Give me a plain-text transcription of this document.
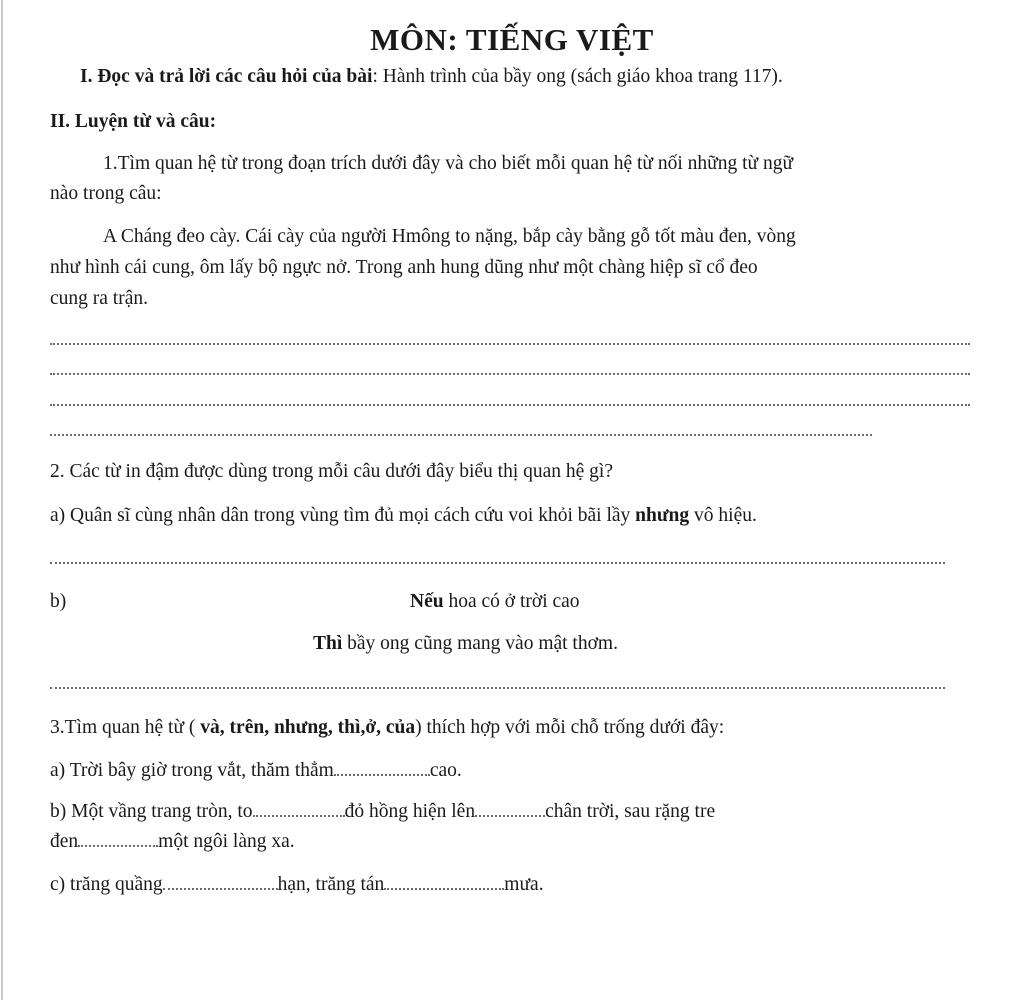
MÔN: TIẾNG VIỆT
I. Đọc và trả lời các câu hỏi của bài: Hành trình của bầy ong (sách giáo khoa trang 117).
II. Luyện từ và câu:
1.Tìm quan hệ từ trong đoạn trích dưới đây và cho biết mỗi quan hệ từ nối những từ ngữ
nào trong câu:
A Cháng đeo cày. Cái cày của người Hmông to nặng, bắp cày bằng gỗ tốt màu đen, vòng
như hình cái cung, ôm lấy bộ ngực nở. Trong anh hung dũng như một chàng hiệp sĩ cổ đeo
cung ra trận.
2. Các từ in đậm được dùng trong mỗi câu dưới đây biểu thị quan hệ gì?
a) Quân sĩ cùng nhân dân trong vùng tìm đủ mọi cách cứu voi khỏi bãi lầy nhưng vô hiệu.
b)	Nếu hoa có ở trời cao
Thì bầy ong cũng mang vào mật thơm.
3.Tìm quan hệ từ ( và, trên, nhưng, thì,ở, của) thích hợp với mỗi chỗ trống dưới đây:
a) Trời bây giờ trong vắt, thăm thẳm	cao.
b) Một vầng trang tròn, to	đỏ hồng hiện lên	chân trời, sau rặng tre
đen	một ngôi làng xa.
c) trăng quầng	hạn, trăng tán	mưa.
